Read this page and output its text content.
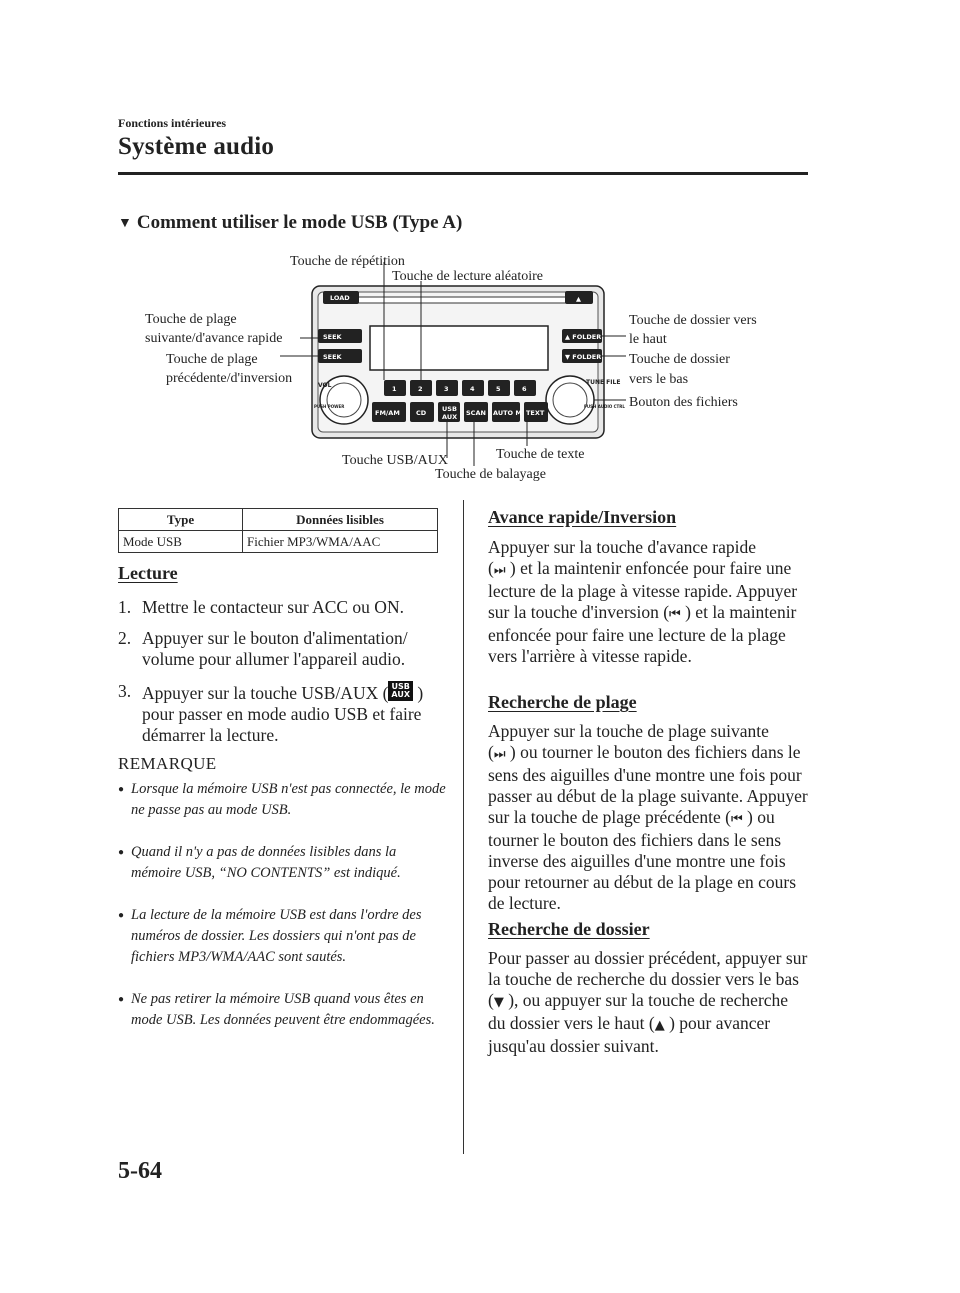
Fonctions intérieures
Système audio
▼ Comment utiliser le mode USB (Type A)
LOAD	▲
SEEK
SEEK
▲ FOLDER
▼ FOLDER
1	2	3	4	5	6
FM/AM CD USB
AUX SCAN AUTO M TEXT
VOL
PUSH POWER
TUNE FILE
PUSH AUDIO CTRL
Touche de répétition
Touche de lecture aléatoire
Touche de plage
suivante/d'avance rapide
Touche de plage
précédente/d'inversion
Touche de dossier vers
le haut
Touche de dossier
vers le bas
Bouton des fichiers
Touche de texte
Touche USB/AUX
Touche de balayage
Type	Données lisibles
Mode USB	Fichier MP3/WMA/AAC
Lecture
1. Mettre le contacteur sur ACC ou ON.
2. Appuyer sur le bouton d'alimentation/ volume pour allumer l'appareil audio.
3. Appuyer sur la touche USB/AUX ( USB
AUX ) pour passer en mode audio USB et faire démarrer la lecture.
REMARQUE
● Lorsque la mémoire USB n'est pas connectée, le mode ne passe pas au mode USB.
● Quand il n'y a pas de données lisibles dans la mémoire USB, “NO CONTENTS” est indiqué.
● La lecture de la mémoire USB est dans l'ordre des numéros de dossier. Les dossiers qui n'ont pas de fichiers MP3/WMA/AAC sont sautés.
● Ne pas retirer la mémoire USB quand vous êtes en mode USB. Les données peuvent être endommagées.
Avance rapide/Inversion
Appuyer sur la touche d'avance rapide
(⏭ ) et la maintenir enfoncée pour faire une lecture de la plage à vitesse rapide. Appuyer sur la touche d'inversion (⏮ ) et la maintenir enfoncée pour faire une lecture de la plage vers l'arrière à vitesse rapide.
Recherche de plage
Appuyer sur la touche de plage suivante
(⏭ ) ou tourner le bouton des fichiers dans le sens des aiguilles d'une montre une fois pour passer au début de la plage suivante. Appuyer sur la touche de plage précédente (⏮ ) ou tourner le bouton des fichiers dans le sens inverse des aiguilles d'une montre une fois pour retourner au début de la plage en cours de lecture.
Recherche de dossier
Pour passer au dossier précédent, appuyer sur la touche de recherche du dossier vers le bas (▼ ), ou appuyer sur la touche de recherche du dossier vers le haut (▲ ) pour avancer jusqu'au dossier suivant.
5-64
